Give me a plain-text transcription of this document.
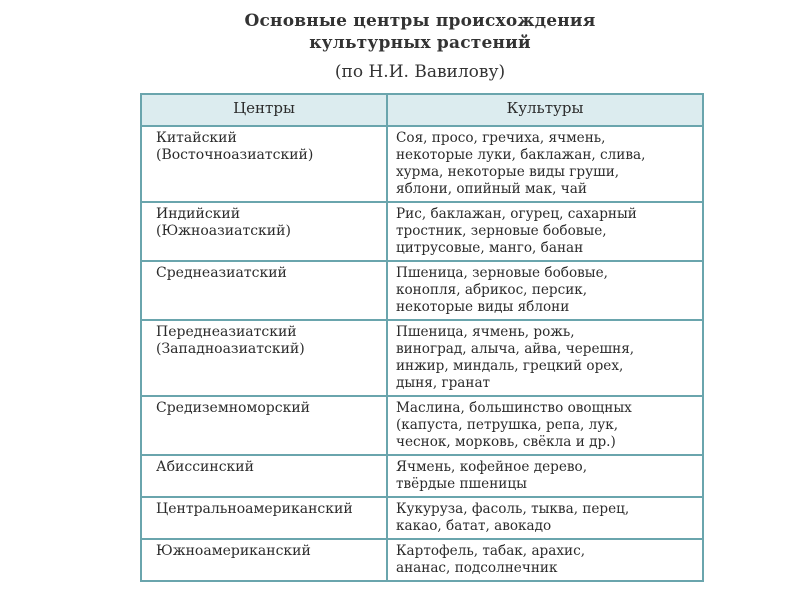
Основные центры происхождения
культурных растений
(по Н.И. Вавилову)
Центры	Культуры

Китайский
(Восточноазиатский)	Соя, просо, гречиха, ячмень,
некоторые луки, баклажан, слива,
хурма, некоторые виды груши,
яблони, опийный мак, чай

Индийский
(Южноазиатский)	Рис, баклажан, огурец, сахарный
тростник, зерновые бобовые,
цитрусовые, манго, банан

Среднеазиатский	Пшеница, зерновые бобовые,
конопля, абрикос, персик,
некоторые виды яблони

Переднеазиатский
(Западноазиатский)	Пшеница, ячмень, рожь,
виноград, алыча, айва, черешня,
инжир, миндаль, грецкий орех,
дыня, гранат

Средиземноморский	Маслина, большинство овощных
(капуста, петрушка, репа, лук,
чеснок, морковь, свёкла и др.)

Абиссинский	Ячмень, кофейное дерево,
твёрдые пшеницы

Центральноамериканский	Кукуруза, фасоль, тыква, перец,
какао, батат, авокадо

Южноамериканский	Картофель, табак, арахис,
ананас, подсолнечник
